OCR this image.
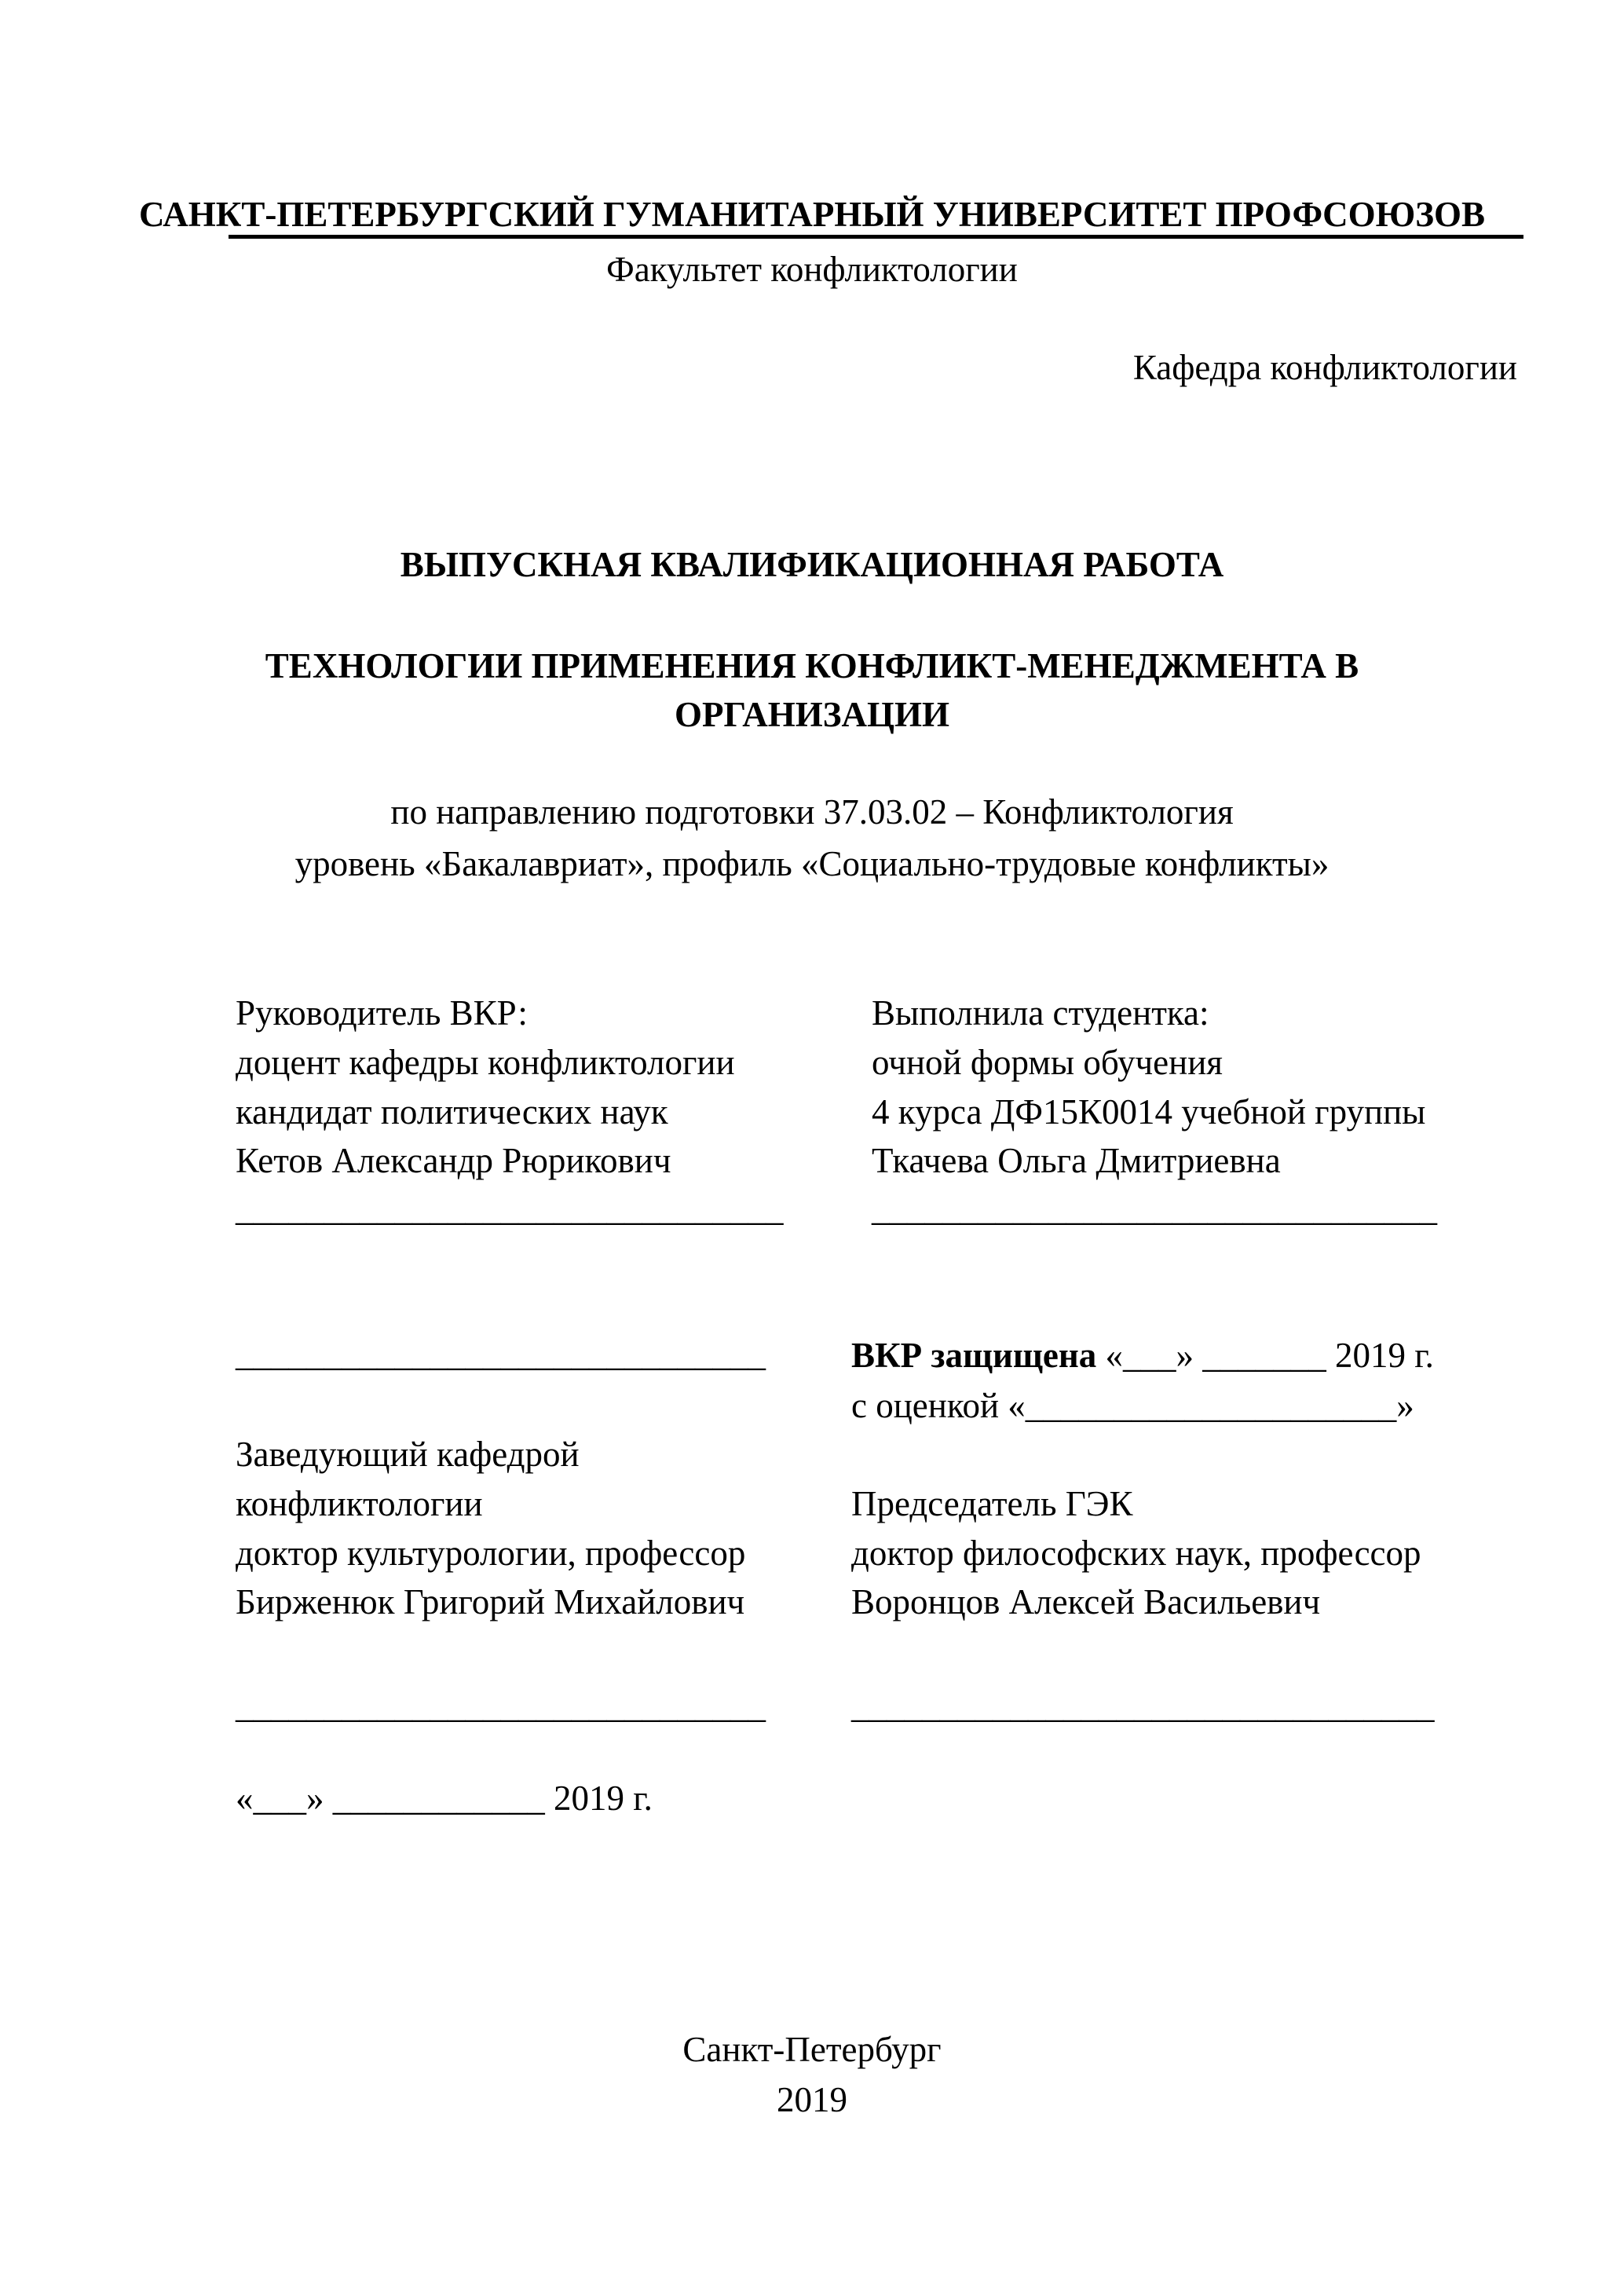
САНКТ-ПЕТЕРБУРГСКИЙ ГУМАНИТАРНЫЙ УНИВЕРСИТЕТ ПРОФСОЮЗОВ
Факультет конфликтологии
Кафедра конфликтологии
ВЫПУСКНАЯ КВАЛИФИКАЦИОННАЯ РАБОТА
ТЕХНОЛОГИИ ПРИМЕНЕНИЯ КОНФЛИКТ-МЕНЕДЖМЕНТА В
ОРГАНИЗАЦИИ
по направлению подготовки 37.03.02 – Конфликтология
уровень «Бакалавриат», профиль «Социально-трудовые конфликты»
Руководитель ВКР:
доцент кафедры конфликтологии
кандидат политических наук
Кетов Александр Рюрикович
_______________________________
Выполнила студентка:
очной формы обучения
4 курса ДФ15К0014 учебной группы
Ткачева Ольга Дмитриевна
________________________________
______________________________ ВКР защищена «___» _______ 2019 г.
с оценкой «_____________________»
Заведующий кафедрой
конфликтологии
доктор культурологии, профессор
Бирженюк Григорий Михайлович
______________________________
Председатель ГЭК
доктор философских наук, профессор
Воронцов Алексей Васильевич
_________________________________
«___» ____________ 2019 г.
Санкт-Петербург
2019
